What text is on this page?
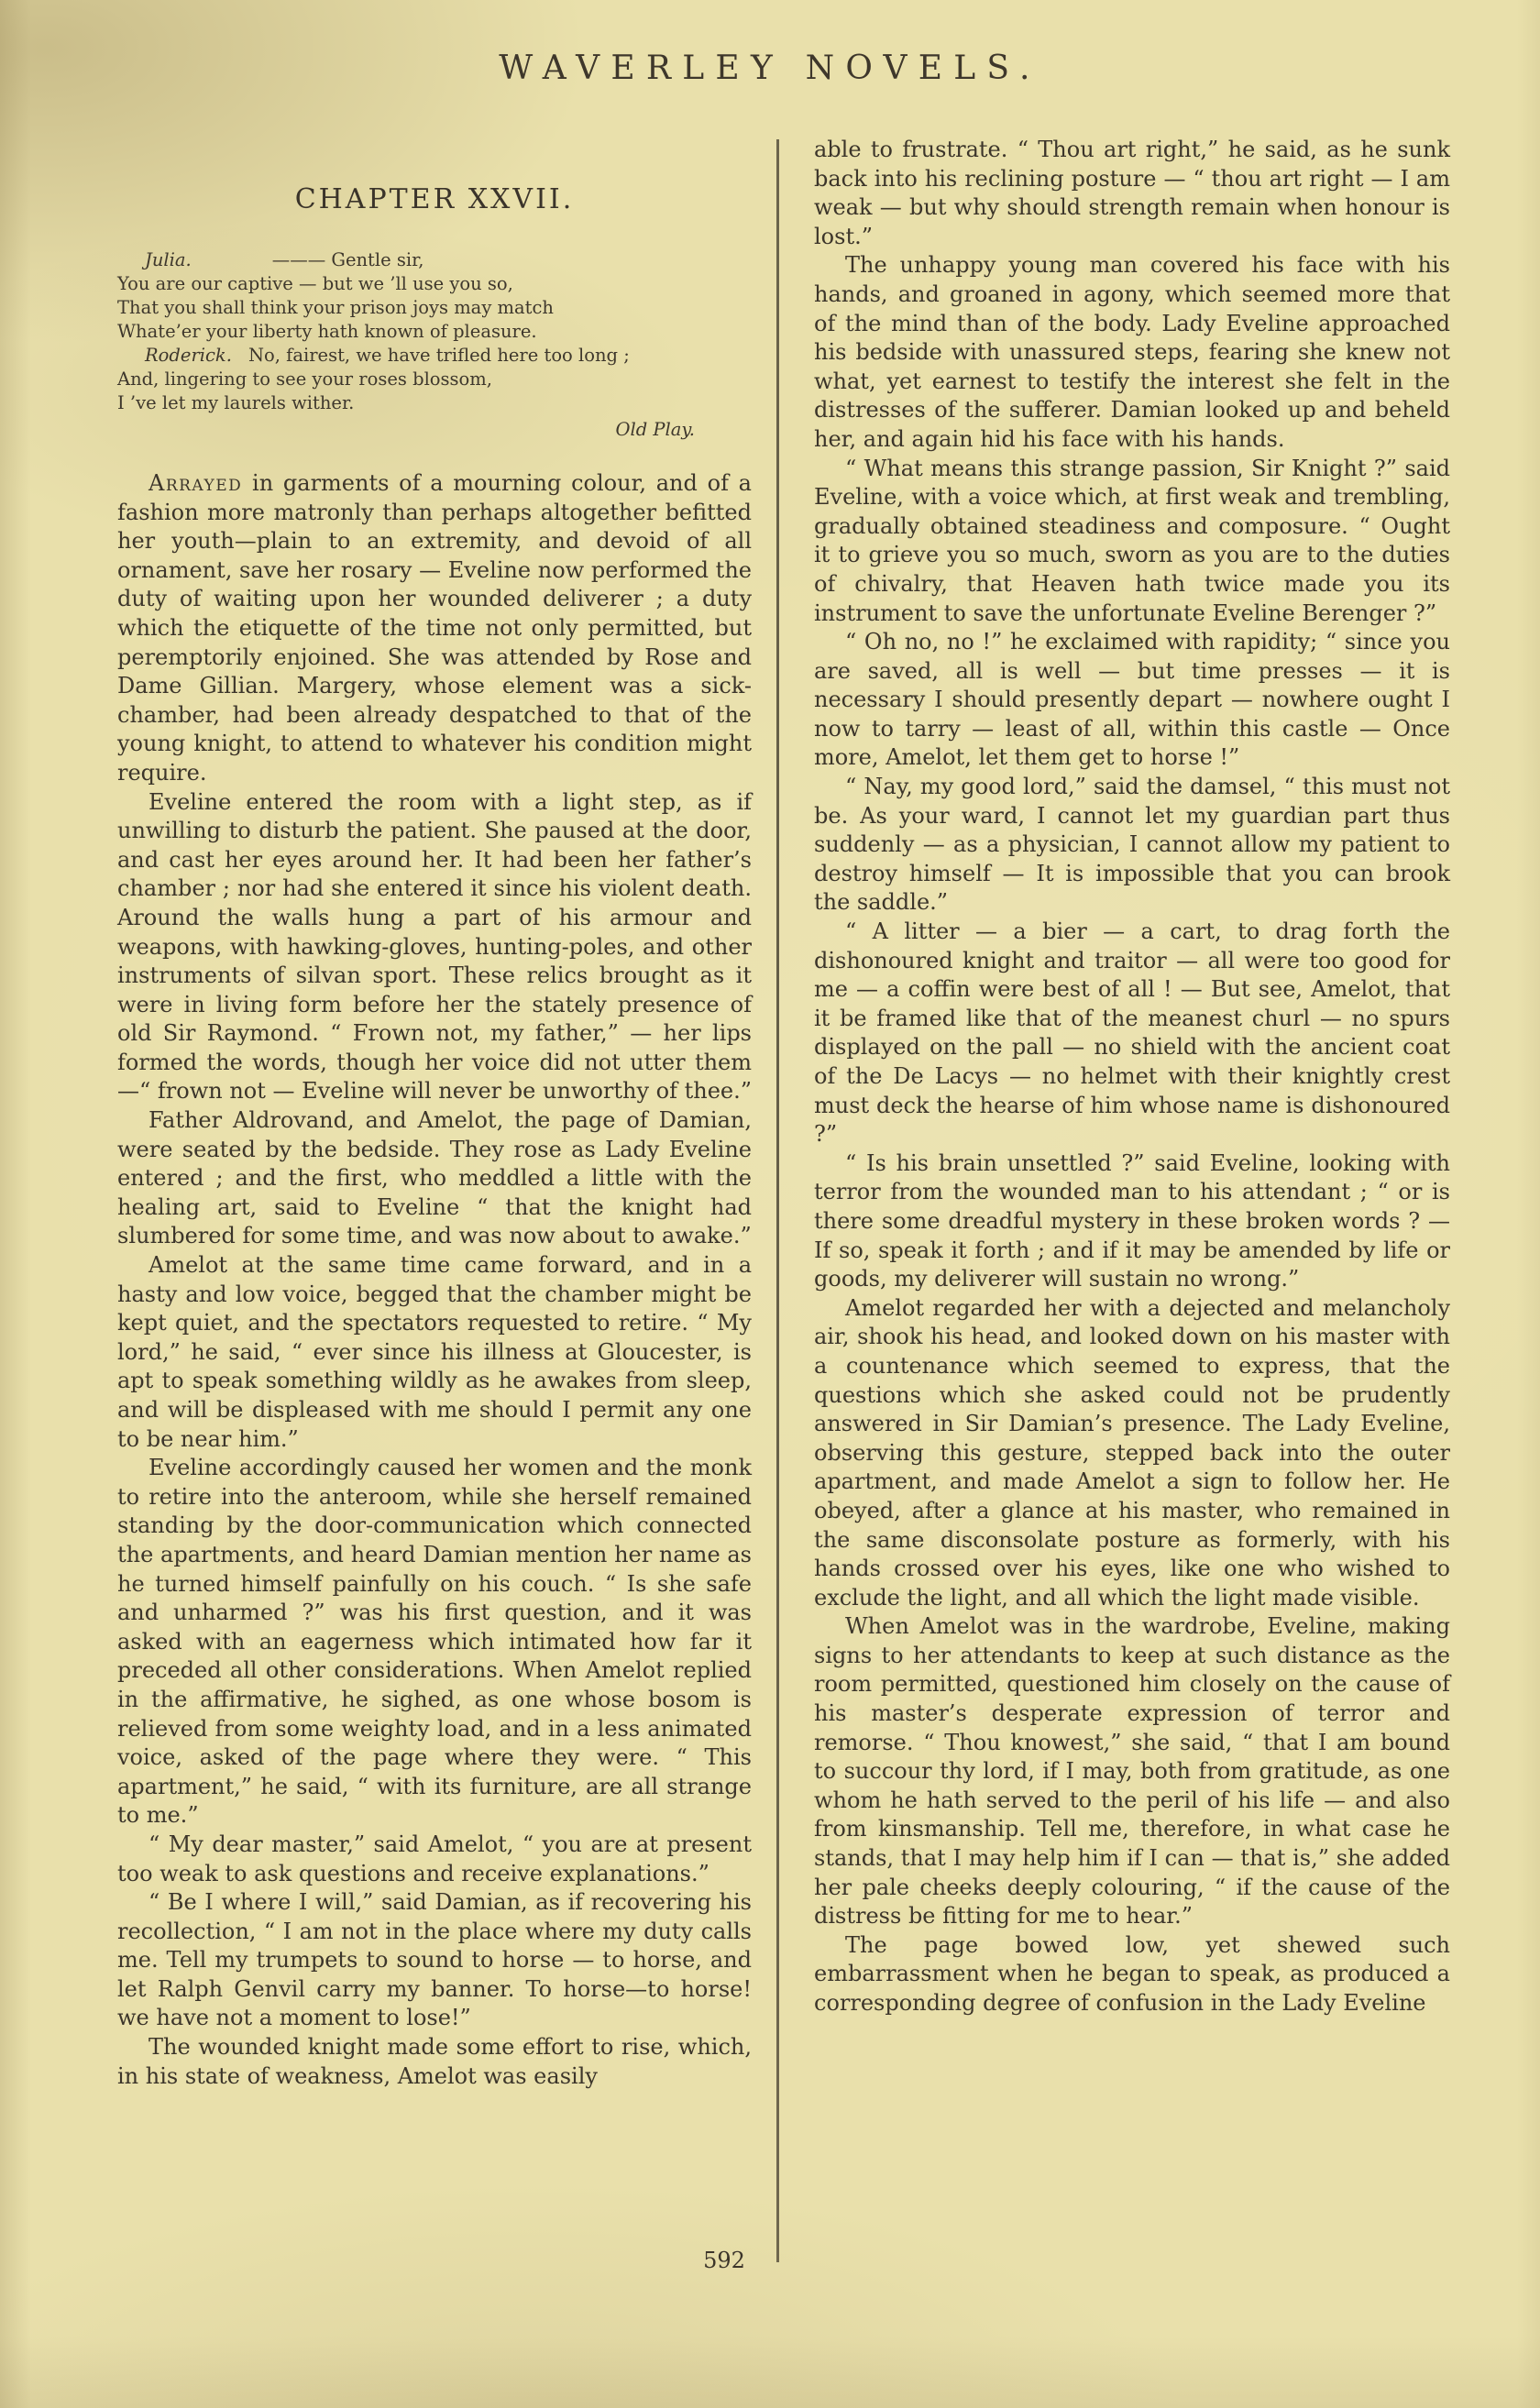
WAVERLEY NOVELS.
CHAPTER XXVII.
Julia.	——— Gentle sir,
You are our captive — but we ’ll use you so,
That you shall think your prison joys may match
Whate’er your liberty hath known of pleasure.
Roderick. No, fairest, we have trifled here too long ;
And, lingering to see your roses blossom,
I ’ve let my laurels wither.
Old Play.

Arrayed in garments of a mourning colour, and of a fashion more matronly than perhaps altogether befitted her youth—plain to an extremity, and devoid of all ornament, save her rosary — Eveline now performed the duty of waiting upon her wounded deliverer ; a duty which the etiquette of the time not only permitted, but peremptorily enjoined. She was attended by Rose and Dame Gillian. Margery, whose element was a sick-chamber, had been already despatched to that of the young knight, to attend to whatever his condition might require.

Eveline entered the room with a light step, as if unwilling to disturb the patient. She paused at the door, and cast her eyes around her. It had been her father’s chamber ; nor had she entered it since his violent death. Around the walls hung a part of his armour and weapons, with hawking-gloves, hunting-poles, and other instruments of silvan sport. These relics brought as it were in living form before her the stately presence of old Sir Raymond. “ Frown not, my father,” — her lips formed the words, though her voice did not utter them—“ frown not — Eveline will never be unworthy of thee.”

Father Aldrovand, and Amelot, the page of Damian, were seated by the bedside. They rose as Lady Eveline entered ; and the first, who meddled a little with the healing art, said to Eveline “ that the knight had slumbered for some time, and was now about to awake.”

Amelot at the same time came forward, and in a hasty and low voice, begged that the chamber might be kept quiet, and the spectators requested to retire. “ My lord,” he said, “ ever since his illness at Gloucester, is apt to speak something wildly as he awakes from sleep, and will be displeased with me should I permit any one to be near him.”

Eveline accordingly caused her women and the monk to retire into the anteroom, while she herself remained standing by the door-communication which connected the apartments, and heard Damian mention her name as he turned himself painfully on his couch. “ Is she safe and unharmed ?” was his first question, and it was asked with an eagerness which intimated how far it preceded all other considerations. When Amelot replied in the affirmative, he sighed, as one whose bosom is relieved from some weighty load, and in a less animated voice, asked of the page where they were. “ This apartment,” he said, “ with its furniture, are all strange to me.”

“ My dear master,” said Amelot, “ you are at present too weak to ask questions and receive explanations.”

“ Be I where I will,” said Damian, as if recovering his recollection, “ I am not in the place where my duty calls me. Tell my trumpets to sound to horse — to horse, and let Ralph Genvil carry my banner. To horse—to horse! we have not a moment to lose!”

The wounded knight made some effort to rise, which, in his state of weakness, Amelot was easily

able to frustrate. “ Thou art right,” he said, as he sunk back into his reclining posture — “ thou art right — I am weak — but why should strength remain when honour is lost.”

The unhappy young man covered his face with his hands, and groaned in agony, which seemed more that of the mind than of the body. Lady Eveline approached his bedside with unassured steps, fearing she knew not what, yet earnest to testify the interest she felt in the distresses of the sufferer. Damian looked up and beheld her, and again hid his face with his hands.

“ What means this strange passion, Sir Knight ?” said Eveline, with a voice which, at first weak and trembling, gradually obtained steadiness and composure. “ Ought it to grieve you so much, sworn as you are to the duties of chivalry, that Heaven hath twice made you its instrument to save the unfortunate Eveline Berenger ?”

“ Oh no, no !” he exclaimed with rapidity; “ since you are saved, all is well — but time presses — it is necessary I should presently depart — nowhere ought I now to tarry — least of all, within this castle — Once more, Amelot, let them get to horse !”

“ Nay, my good lord,” said the damsel, “ this must not be. As your ward, I cannot let my guardian part thus suddenly — as a physician, I cannot allow my patient to destroy himself — It is impossible that you can brook the saddle.”

“ A litter — a bier — a cart, to drag forth the dishonoured knight and traitor — all were too good for me — a coffin were best of all ! — But see, Amelot, that it be framed like that of the meanest churl — no spurs displayed on the pall — no shield with the ancient coat of the De Lacys — no helmet with their knightly crest must deck the hearse of him whose name is dishonoured ?”

“ Is his brain unsettled ?” said Eveline, looking with terror from the wounded man to his attendant ; “ or is there some dreadful mystery in these broken words ? — If so, speak it forth ; and if it may be amended by life or goods, my deliverer will sustain no wrong.”

Amelot regarded her with a dejected and melancholy air, shook his head, and looked down on his master with a countenance which seemed to express, that the questions which she asked could not be prudently answered in Sir Damian’s presence. The Lady Eveline, observing this gesture, stepped back into the outer apartment, and made Amelot a sign to follow her. He obeyed, after a glance at his master, who remained in the same disconsolate posture as formerly, with his hands crossed over his eyes, like one who wished to exclude the light, and all which the light made visible.

When Amelot was in the wardrobe, Eveline, making signs to her attendants to keep at such distance as the room permitted, questioned him closely on the cause of his master’s desperate expression of terror and remorse. “ Thou knowest,” she said, “ that I am bound to succour thy lord, if I may, both from gratitude, as one whom he hath served to the peril of his life — and also from kinsmanship. Tell me, therefore, in what case he stands, that I may help him if I can — that is,” she added her pale cheeks deeply colouring, “ if the cause of the distress be fitting for me to hear.”

The page bowed low, yet shewed such embarrassment when he began to speak, as produced a corresponding degree of confusion in the Lady Eveline

592
